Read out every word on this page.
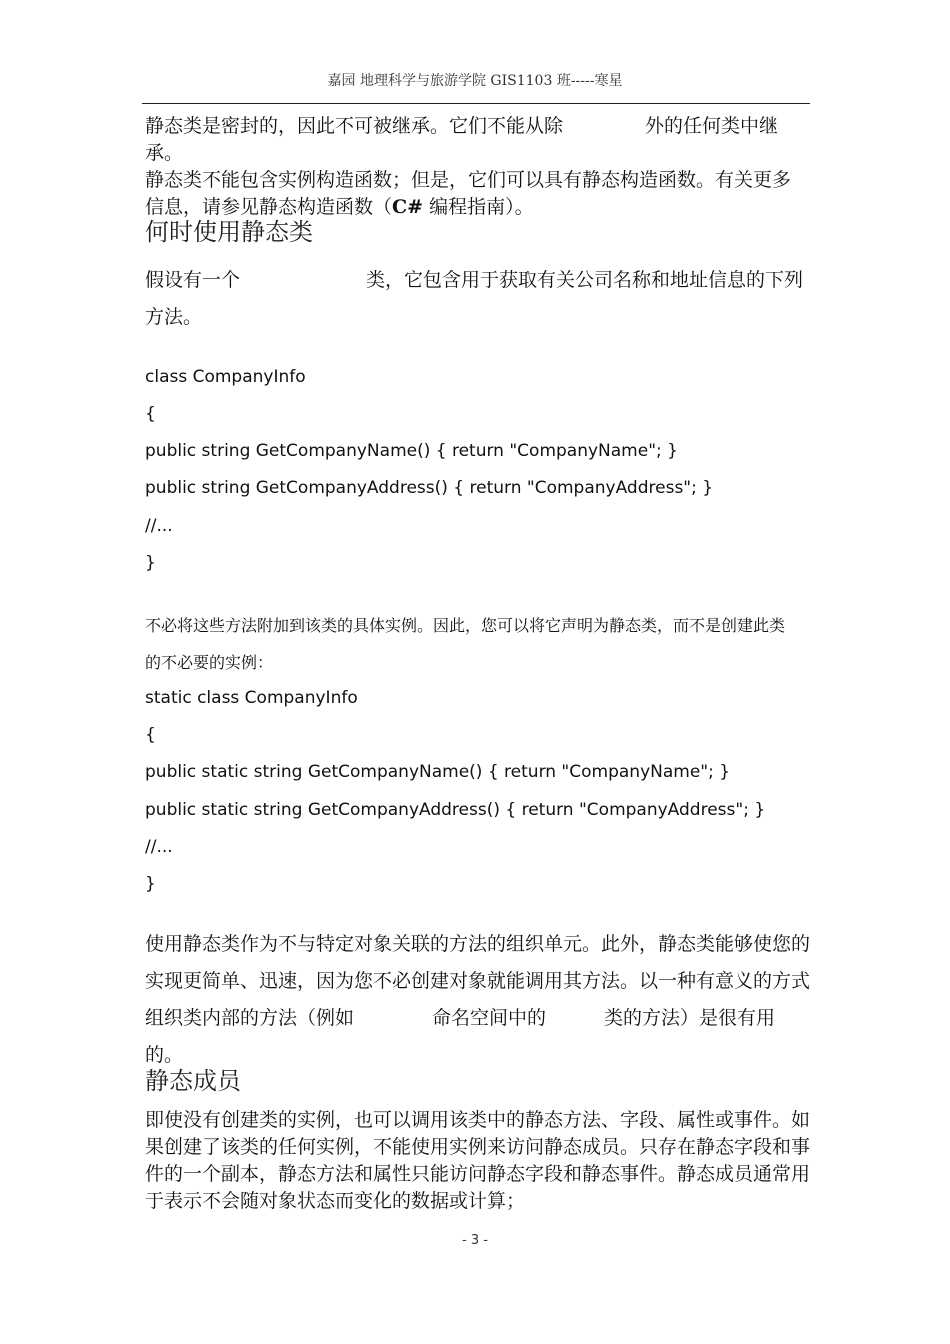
嘉园 地理科学与旅游学院 GIS1103 班-----寒星
静态类是密封的，因此不可被继承。它们不能从除	外的任何类中继承。
静态类不能包含实例构造函数；但是，它们可以具有静态构造函数。有关更多
信息，请参见静态构造函数（C# 编程指南）。
何时使用静态类
假设有一个	类，它包含用于获取有关公司名称和地址信息的下列
方法。
class CompanyInfo
{
public string GetCompanyName() { return "CompanyName"; }
public string GetCompanyAddress() { return "CompanyAddress"; }
//...
}
不必将这些方法附加到该类的具体实例。因此，您可以将它声明为静态类，而不是创建此类
的不必要的实例：
static class CompanyInfo
{
public static string GetCompanyName() { return "CompanyName"; }
public static string GetCompanyAddress() { return "CompanyAddress"; }
//...
}
使用静态类作为不与特定对象关联的方法的组织单元。此外，静态类能够使您的
实现更简单、迅速，因为您不必创建对象就能调用其方法。以一种有意义的方式
组织类内部的方法（例如	命名空间中的	类的方法）是很有用的。
静态成员
即使没有创建类的实例，也可以调用该类中的静态方法、字段、属性或事件。如
果创建了该类的任何实例，不能使用实例来访问静态成员。只存在静态字段和事
件的一个副本，静态方法和属性只能访问静态字段和静态事件。静态成员通常用
于表示不会随对象状态而变化的数据或计算；
- 3 -
